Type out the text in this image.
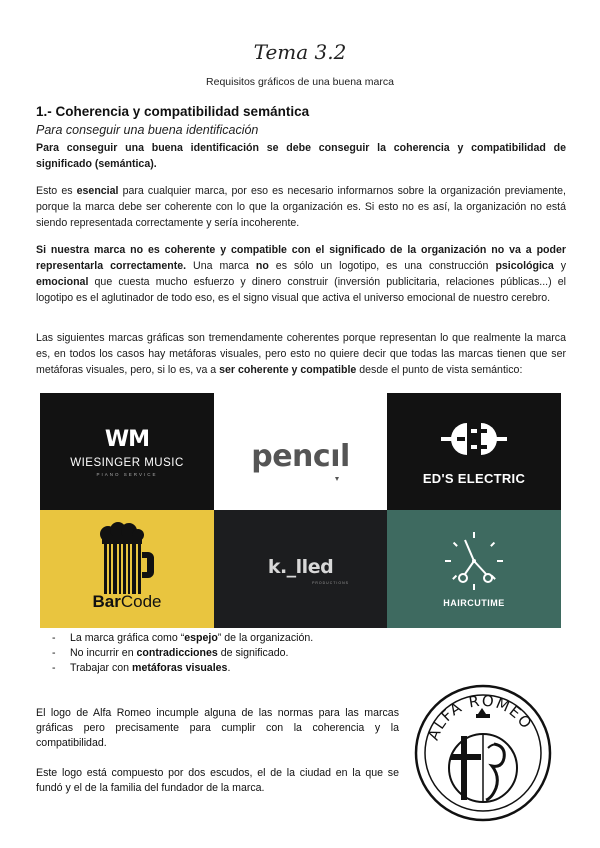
Tema 3.2
Requisitos gráficos de una buena marca
1.- Coherencia y compatibilidad semántica
Para conseguir una buena identificación
Para conseguir una buena identificación se debe conseguir la coherencia y compatibilidad de significado (semántica).
Esto es esencial para cualquier marca, por eso es necesario informarnos sobre la organización previamente, porque la marca debe ser coherente con lo que la organización es. Si esto no es así, la organización no está siendo representada correctamente y sería incoherente.
Si nuestra marca no es coherente y compatible con el significado de la organización no va a poder representarla correctamente. Una marca no es sólo un logotipo, es una construcción psicológica y emocional que cuesta mucho esfuerzo y dinero construir (inversión publicitaria, relaciones públicas...) el logotipo es el aglutinador de todo eso, es el signo visual que activa el universo emocional de nuestro cerebro.
Las siguientes marcas gráficas son tremendamente coherentes porque representan lo que realmente la marca es, en todos los casos hay metáforas visuales, pero esto no quiere decir que todas las marcas tienen que ser metáforas visuales, pero, si lo es, va a ser coherente y compatible desde el punto de vista semántico:
WM
WIESINGER MUSIC
PIANO SERVICE
pencıl
ED'S ELECTRIC
BarCode
k._lled
PRODUCTIONS
HAIRCUTIME
- La marca gráfica como “espejo” de la organización.
- No incurrir en contradicciones de significado.
- Trabajar con metáforas visuales.
El logo de Alfa Romeo incumple alguna de las normas para las marcas gráficas pero precisamente para cumplir con la coherencia y la compatibilidad.
Este logo está compuesto por dos escudos, el de la ciudad en la que se fundó y el de la familia del fundador de la marca.
ALFA ROMEO
